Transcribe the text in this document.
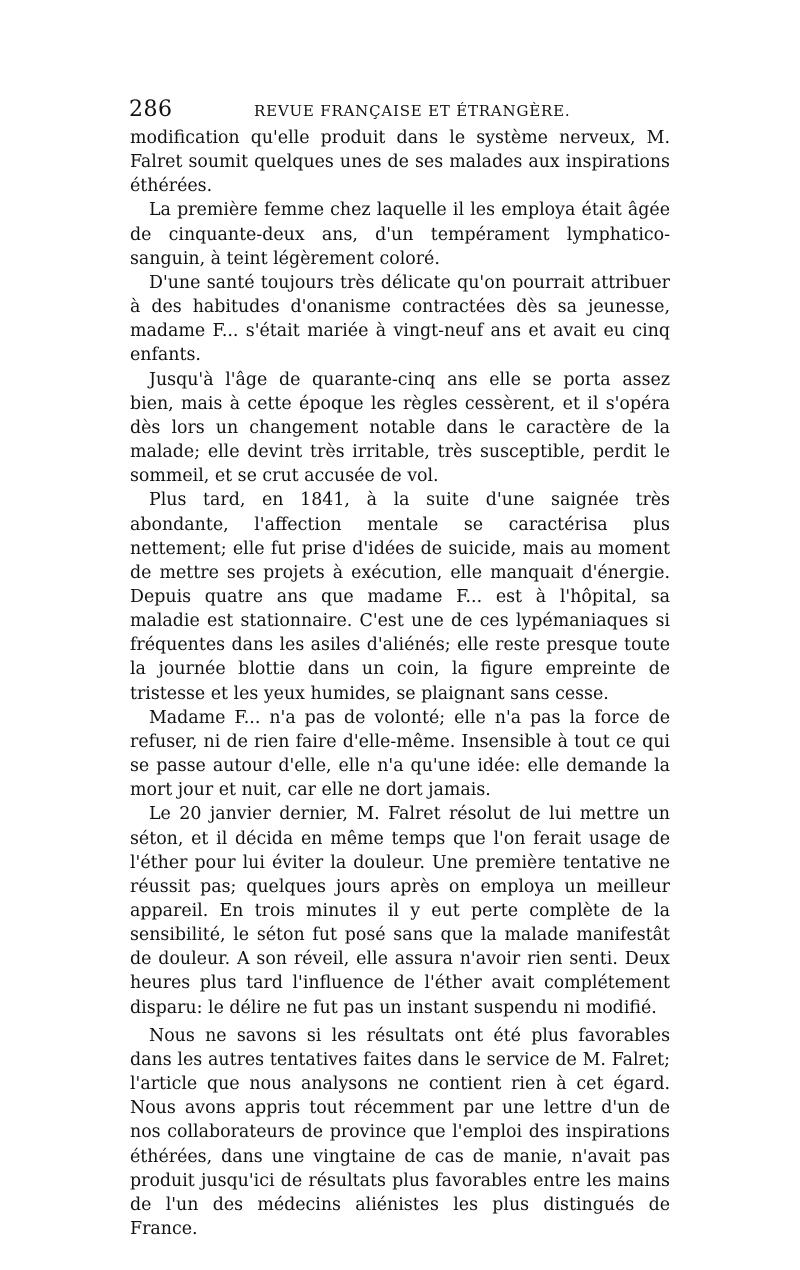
286	REVUE FRANÇAISE ET ÉTRANGÈRE.

modification qu'elle produit dans le système nerveux, M. Falret soumit quelques unes de ses malades aux inspirations éthérées.

La première femme chez laquelle il les employa était âgée de cinquante-deux ans, d'un tempérament lymphatico-sanguin, à teint légèrement coloré.

D'une santé toujours très délicate qu'on pourrait attribuer à des habitudes d'onanisme contractées dès sa jeunesse, madame F... s'était mariée à vingt-neuf ans et avait eu cinq enfants.

Jusqu'à l'âge de quarante-cinq ans elle se porta assez bien, mais à cette époque les règles cessèrent, et il s'opéra dès lors un changement notable dans le caractère de la malade; elle devint très irritable, très susceptible, perdit le sommeil, et se crut accusée de vol.

Plus tard, en 1841, à la suite d'une saignée très abondante, l'affection mentale se caractérisa plus nettement; elle fut prise d'idées de suicide, mais au moment de mettre ses projets à exécution, elle manquait d'énergie. Depuis quatre ans que madame F... est à l'hôpital, sa maladie est stationnaire. C'est une de ces lypémaniaques si fréquentes dans les asiles d'aliénés; elle reste presque toute la journée blottie dans un coin, la figure empreinte de tristesse et les yeux humides, se plaignant sans cesse.

Madame F... n'a pas de volonté; elle n'a pas la force de refuser, ni de rien faire d'elle-même. Insensible à tout ce qui se passe autour d'elle, elle n'a qu'une idée: elle demande la mort jour et nuit, car elle ne dort jamais.

Le 20 janvier dernier, M. Falret résolut de lui mettre un séton, et il décida en même temps que l'on ferait usage de l'éther pour lui éviter la douleur. Une première tentative ne réussit pas; quelques jours après on employa un meilleur appareil. En trois minutes il y eut perte complète de la sensibilité, le séton fut posé sans que la malade manifestât de douleur. A son réveil, elle assura n'avoir rien senti. Deux heures plus tard l'influence de l'éther avait complétement disparu: le délire ne fut pas un instant suspendu ni modifié.

Nous ne savons si les résultats ont été plus favorables dans les autres tentatives faites dans le service de M. Falret; l'article que nous analysons ne contient rien à cet égard. Nous avons appris tout récemment par une lettre d'un de nos collaborateurs de province que l'emploi des inspirations éthérées, dans une vingtaine de cas de manie, n'avait pas produit jusqu'ici de résultats plus favorables entre les mains de l'un des médecins aliénistes les plus distingués de France.
